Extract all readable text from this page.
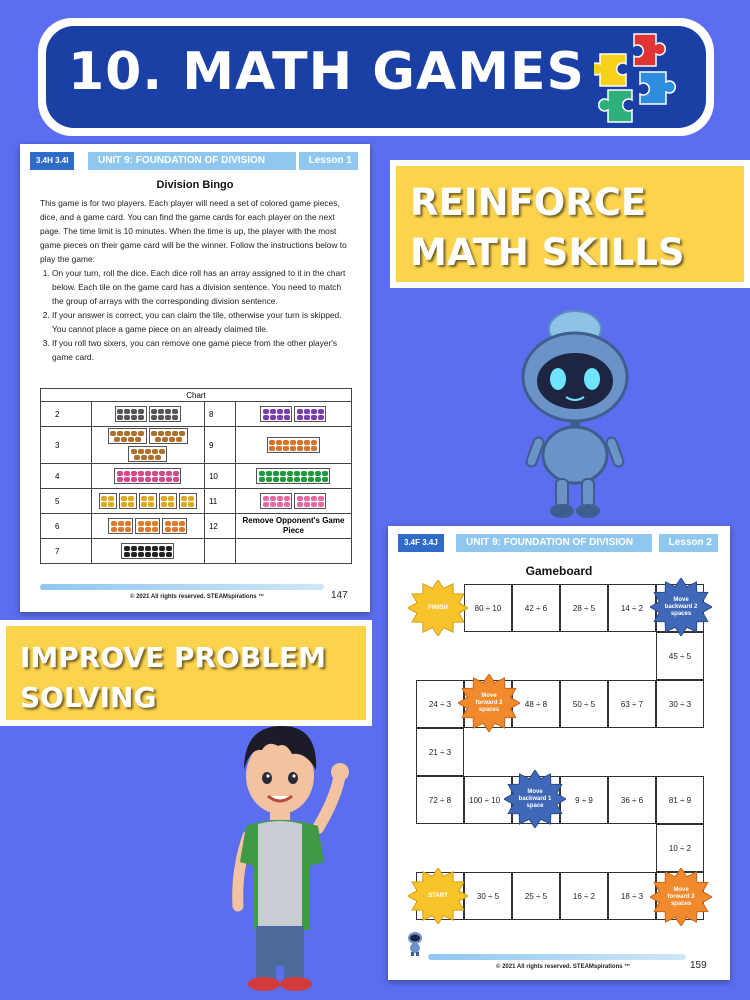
10. MATH GAMES
3.4H 3.4I	UNIT 9: FOUNDATION OF DIVISION	Lesson 1
Division Bingo

This game is for two players. Each player will need a set of colored game pieces, dice, and a game card. You can find the game cards for each player on the next page. The time limit is 10 minutes. When the time is up, the player with the most game pieces on their game card will be the winner. Follow the instructions below to play the game:

1. On your turn, roll the dice. Each dice roll has an array assigned to it in the chart below. Each tile on the game card has a division sentence. You need to match the group of arrays with the corresponding division sentence.
2. If your answer is correct, you can claim the tile, otherwise your turn is skipped. You cannot place a game piece on an already claimed tile.
3. If you roll two sixers, you can remove one game piece from the other player's game card.
Chart			
2		8	
3		9	
4		10	
5		11	
6		12	Remove Opponent's Game Piece
7			
© 2021 All rights reserved. STEAMspirations ™	147
REINFORCE
MATH SKILLS
3.4F 3.4J	UNIT 9: FOUNDATION OF DIVISION	Lesson 2
Gameboard
80 ÷ 10	42 ÷ 6	28 ÷ 5	14 ÷ 2
45 ÷ 5
24 ÷ 3	48 ÷ 8	50 ÷ 5	63 ÷ 7	30 ÷ 3
21 ÷ 3
72 ÷ 8	100 ÷ 10	9 ÷ 9	36 ÷ 6	81 ÷ 9
10 ÷ 2
30 ÷ 5	25 ÷ 5	16 ÷ 2	18 ÷ 3
FINISH
Move backward 2 spaces
Move forward 2 spaces
Move backward 1 space
START
Move forward 3 spaces
© 2021 All rights reserved. STEAMspirations ™	159
IMPROVE PROBLEM
SOLVING
